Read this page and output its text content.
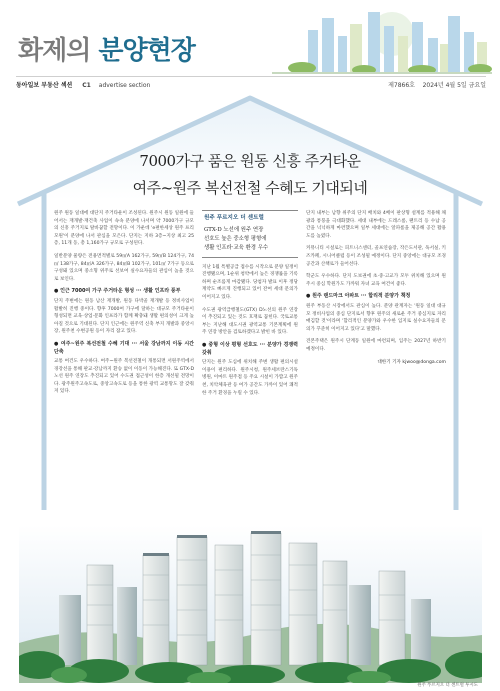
화제의 분양현장
동아일보 부동산 섹션 C1 advertise section	제7866호 2024년 4월 5일 금요일
7000가구 품은 원동 신흥 주거타운
여주~원주 복선전철 수혜도 기대되네

원주 원동 일대에 대단지 주거타운이 조성된다. 원주시 원동 일원에 들어서는 재개발·재건축 사업이 속속 분양에 나서며 약 7000가구 규모의 신흥 주거지로 탈바꿈할 전망이다. 이 가운데 'e편한세상 원주 프리모원'이 분양에 나서 관심을 모은다. 단지는 지하 3층~지상 최고 25층, 11개 동, 총 1,160가구 규모로 구성된다.

일반분양 물량은 전용면적별로 59㎡A 162가구, 59㎡B 124가구, 74㎡ 138가구, 84㎡A 326가구, 84㎡B 102가구, 101㎡ 7가구 등으로 구성돼 있으며 중소형 위주로 선보여 실수요자들의 관심이 높을 것으로 보인다.

● 인근 7000여 가구 주거타운 형성 ··· 생활 인프라 풍부

단지 주변에는 원동 남산 재개발, 원동 다박골 재개발 등 정비사업이 활발히 진행 중이다. 향후 7000여 가구에 달하는 대규모 주거타운이 형성되면 교육·상업·문화 인프라가 함께 확충돼 생활 편의성이 크게 높아질 것으로 기대된다. 단지 인근에는 원주역 신축 부지 개발과 중앙시장, 원주천 수변공원 등이 자리 잡고 있다.

● 여주~원주 복선전철 수혜 기대 ··· 서울 강남까지 이동 시간 단축

교통 여건도 우수하다. 여주~원주 복선전철이 개통되면 서원주역에서 경강선을 통해 판교·강남까지 환승 없이 이동이 가능해진다. 또 GTX-D 노선 원주 연장도 추진되고 있어 수도권 접근성이 한층 개선될 전망이다. 광주원주고속도로, 중앙고속도로 등을 통한 광역 교통망도 잘 갖춰져 있다.

원주 푸르지오 더 센트럴
GTX-D 노선에 원주 연장
선호도 높은 중소형 평형에
생활 인프라·교육 환경 우수

지난 1월 특별공급 접수를 시작으로 분양 일정이 진행됐으며, 1순위 청약에서 높은 경쟁률을 기록하며 순조롭게 마감됐다. 당첨자 발표 이후 정당계약도 빠르게 진행되고 있어 잔여 세대 문의가 이어지고 있다.

수도권 광역급행철도(GTX) D노선의 원주 연장이 추진되고 있는 것도 호재로 꼽힌다. 국토교통부는 지난해 대도시권 광역교통 기본계획에 원주 연장 방안을 검토하겠다고 밝힌 바 있다.

● 중형 이상 평형 선호도 ··· 분양가 경쟁력 갖춰

단지는 원주 도심에 위치해 주변 생활 편의시설 이용이 편리하다. 원주시청, 원주세브란스기독병원, 이마트 원주점 등 주요 시설이 가깝고 원주천, 치악체육관 등 여가 공간도 가까이 있어 쾌적한 주거 환경을 누릴 수 있다.

단지 내부는 남향 위주의 단지 배치와 4베이 판상형 설계를 적용해 채광과 통풍을 극대화했다. 세대 내부에는 드레스룸, 팬트리 등 수납 공간을 넉넉하게 마련했으며 일부 세대에는 알파룸을 제공해 공간 활용도를 높였다.

커뮤니티 시설로는 피트니스센터, 골프연습장, 작은도서관, 독서실, 키즈카페, 시니어클럽 등이 조성될 예정이다. 단지 중앙에는 대규모 조경 공간과 산책로가 들어선다.

학군도 우수하다. 단지 도보권에 초·중·고교가 모두 위치해 있으며 원주시 중심 학원가도 가까워 자녀 교육 여건이 좋다.

● 원주 랜드마크 아파트 ··· 합리적 분양가 책정

원주 부동산 시장에서도 관심이 높다. 분양 관계자는 '원동 일대 대규모 정비사업의 중심 단지로서 향후 원주의 새로운 주거 중심지로 자리매김할 것'이라며 '합리적인 분양가와 우수한 입지로 실수요자들의 문의가 꾸준히 이어지고 있다'고 말했다.

견본주택은 원주시 단계동 일원에 마련되며, 입주는 2027년 하반기 예정이다.

대한기 기자 kjwoo@donga.com
원주 푸르지오 더 센트럴 투시도
